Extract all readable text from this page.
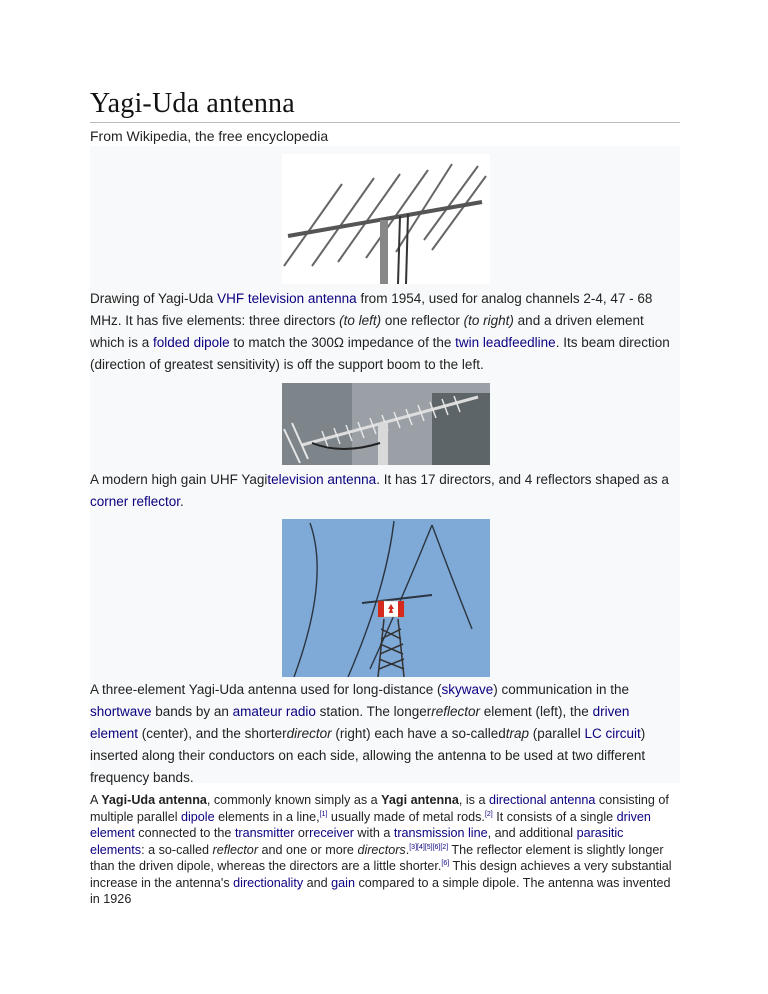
Yagi-Uda antenna
From Wikipedia, the free encyclopedia
Drawing of Yagi-Uda VHF television antenna from 1954, used for analog channels 2-4, 47 - 68 MHz. It has five elements: three directors (to left) one reflector (to right) and a driven element which is a folded dipole to match the 300Ω impedance of the twin leadfeedline. Its beam direction (direction of greatest sensitivity) is off the support boom to the left.
A modern high gain UHF Yagitelevision antenna. It has 17 directors, and 4 reflectors shaped as a corner reflector.
A three-element Yagi-Uda antenna used for long-distance (skywave) communication in the shortwave bands by an amateur radio station. The longerreflector element (left), the driven element (center), and the shorterdirector (right) each have a so-calledtrap (parallel LC circuit) inserted along their conductors on each side, allowing the antenna to be used at two different frequency bands.
A Yagi-Uda antenna, commonly known simply as a Yagi antenna, is a directional antenna consisting of multiple parallel dipole elements in a line,[1] usually made of metal rods.[2] It consists of a single driven element connected to the transmitter orreceiver with a transmission line, and additional parasitic elements: a so-called reflector and one or more directors.[3][4][5][6][2] The reflector element is slightly longer than the driven dipole, whereas the directors are a little shorter.[6] This design achieves a very substantial increase in the antenna's directionality and gain compared to a simple dipole. The antenna was invented in 1926
